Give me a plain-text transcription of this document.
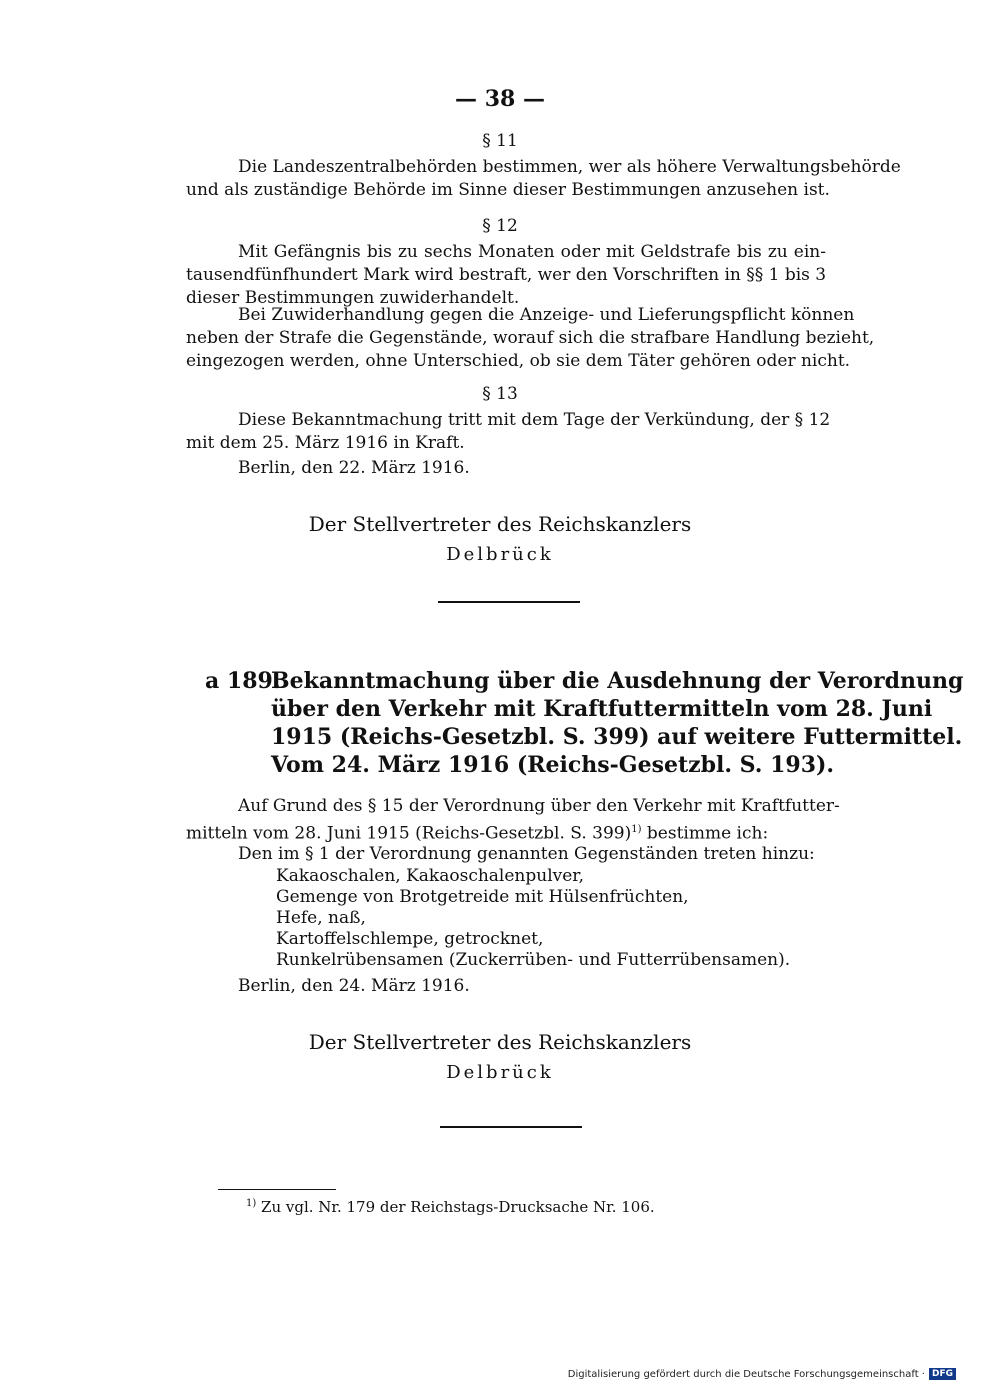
— 38 —
§ 11
Die Landeszentralbehörden bestimmen, wer als höhere Verwaltungsbehörde
und als zuständige Behörde im Sinne dieser Bestimmungen anzusehen ist.
§ 12
Mit Gefängnis bis zu sechs Monaten oder mit Geldstrafe bis zu ein-
tausendfünfhundert Mark wird bestraft, wer den Vorschriften in §§ 1 bis 3
dieser Bestimmungen zuwiderhandelt.
Bei Zuwiderhandlung gegen die Anzeige- und Lieferungspflicht können
neben der Strafe die Gegenstände, worauf sich die strafbare Handlung bezieht,
eingezogen werden, ohne Unterschied, ob sie dem Täter gehören oder nicht.
§ 13
Diese Bekanntmachung tritt mit dem Tage der Verkündung, der § 12
mit dem 25. März 1916 in Kraft.
Berlin, den 22. März 1916.
Der Stellvertreter des Reichskanzlers
Delbrück
a 189.
Bekanntmachung über die Ausdehnung der Verordnung
über den Verkehr mit Kraftfuttermitteln vom 28. Juni
1915 (Reichs-Gesetzbl. S. 399) auf weitere Futtermittel.
Vom 24. März 1916 (Reichs-Gesetzbl. S. 193).
Auf Grund des § 15 der Verordnung über den Verkehr mit Kraftfutter-
mitteln vom 28. Juni 1915 (Reichs-Gesetzbl. S. 399)$^{1)}$ bestimme ich:
Den im § 1 der Verordnung genannten Gegenständen treten hinzu:
Kakaoschalen, Kakaoschalenpulver,
Gemenge von Brotgetreide mit Hülsenfrüchten,
Hefe, naß,
Kartoffelschlempe, getrocknet,
Runkelrübensamen (Zuckerrüben- und Futterrübensamen).
Berlin, den 24. März 1916.
Der Stellvertreter des Reichskanzlers
Delbrück
$^{1)}$ Zu vgl. Nr. 179 der Reichstags-Drucksache Nr. 106.
Digitalisierung gefördert durch die Deutsche Forschungsgemeinschaft · DFG
